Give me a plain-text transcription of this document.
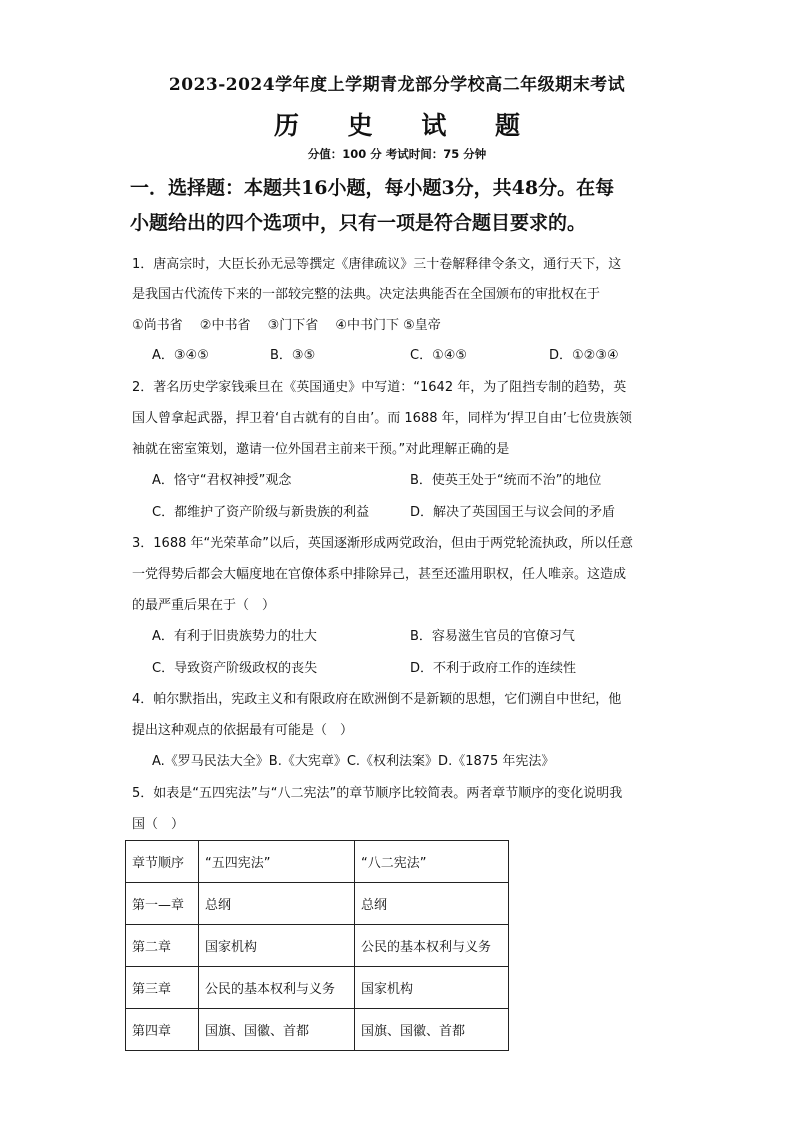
2023-2024学年度上学期青龙部分学校高二年级期末考试
历 史 试 题
分值：100 分 考试时间：75 分钟
一．选择题：本题共16小题，每小题3分，共48分。在每
小题给出的四个选项中，只有一项是符合题目要求的。
1．唐高宗时，大臣长孙无忌等撰定《唐律疏议》三十卷解释律令条文，通行天下，这
是我国古代流传下来的一部较完整的法典。决定法典能否在全国颁布的审批权在于
①尚书省　 ②中书省　 ③门下省　 ④中书门下 ⑤皇帝
A．③④⑤	B．③⑤	C．①④⑤	D．①②③④
2．著名历史学家钱乘旦在《英国通史》中写道：“1642 年，为了阻挡专制的趋势，英
国人曾拿起武器，捍卫着‘自古就有的自由’。而 1688 年，同样为‘捍卫自由’七位贵族领
袖就在密室策划，邀请一位外国君主前来干预。”对此理解正确的是
A．恪守“君权神授”观念	B．使英王处于“统而不治”的地位
C．都维护了资产阶级与新贵族的利益	D．解决了英国国王与议会间的矛盾
3．1688 年“光荣革命”以后，英国逐渐形成两党政治，但由于两党轮流执政，所以任意
一党得势后都会大幅度地在官僚体系中排除异己，甚至还滥用职权，任人唯亲。这造成
的最严重后果在于（　）
A．有利于旧贵族势力的壮大	B．容易滋生官员的官僚习气
C．导致资产阶级政权的丧失	D．不利于政府工作的连续性
4．帕尔默指出，宪政主义和有限政府在欧洲倒不是新颖的思想，它们溯自中世纪，他
提出这种观点的依据最有可能是（　）
A.《罗马民法大全》B.《大宪章》C.《权利法案》D.《1875 年宪法》
5．如表是“五四宪法”与“八二宪法”的章节顺序比较简表。两者章节顺序的变化说明我
国（　）
章节顺序	“五四宪法”	“八二宪法”
第一—章	总纲	总纲
第二章	国家机构	公民的基本权利与义务
第三章	公民的基本权利与义务	国家机构
第四章	国旗、国徽、首都	国旗、国徽、首都
